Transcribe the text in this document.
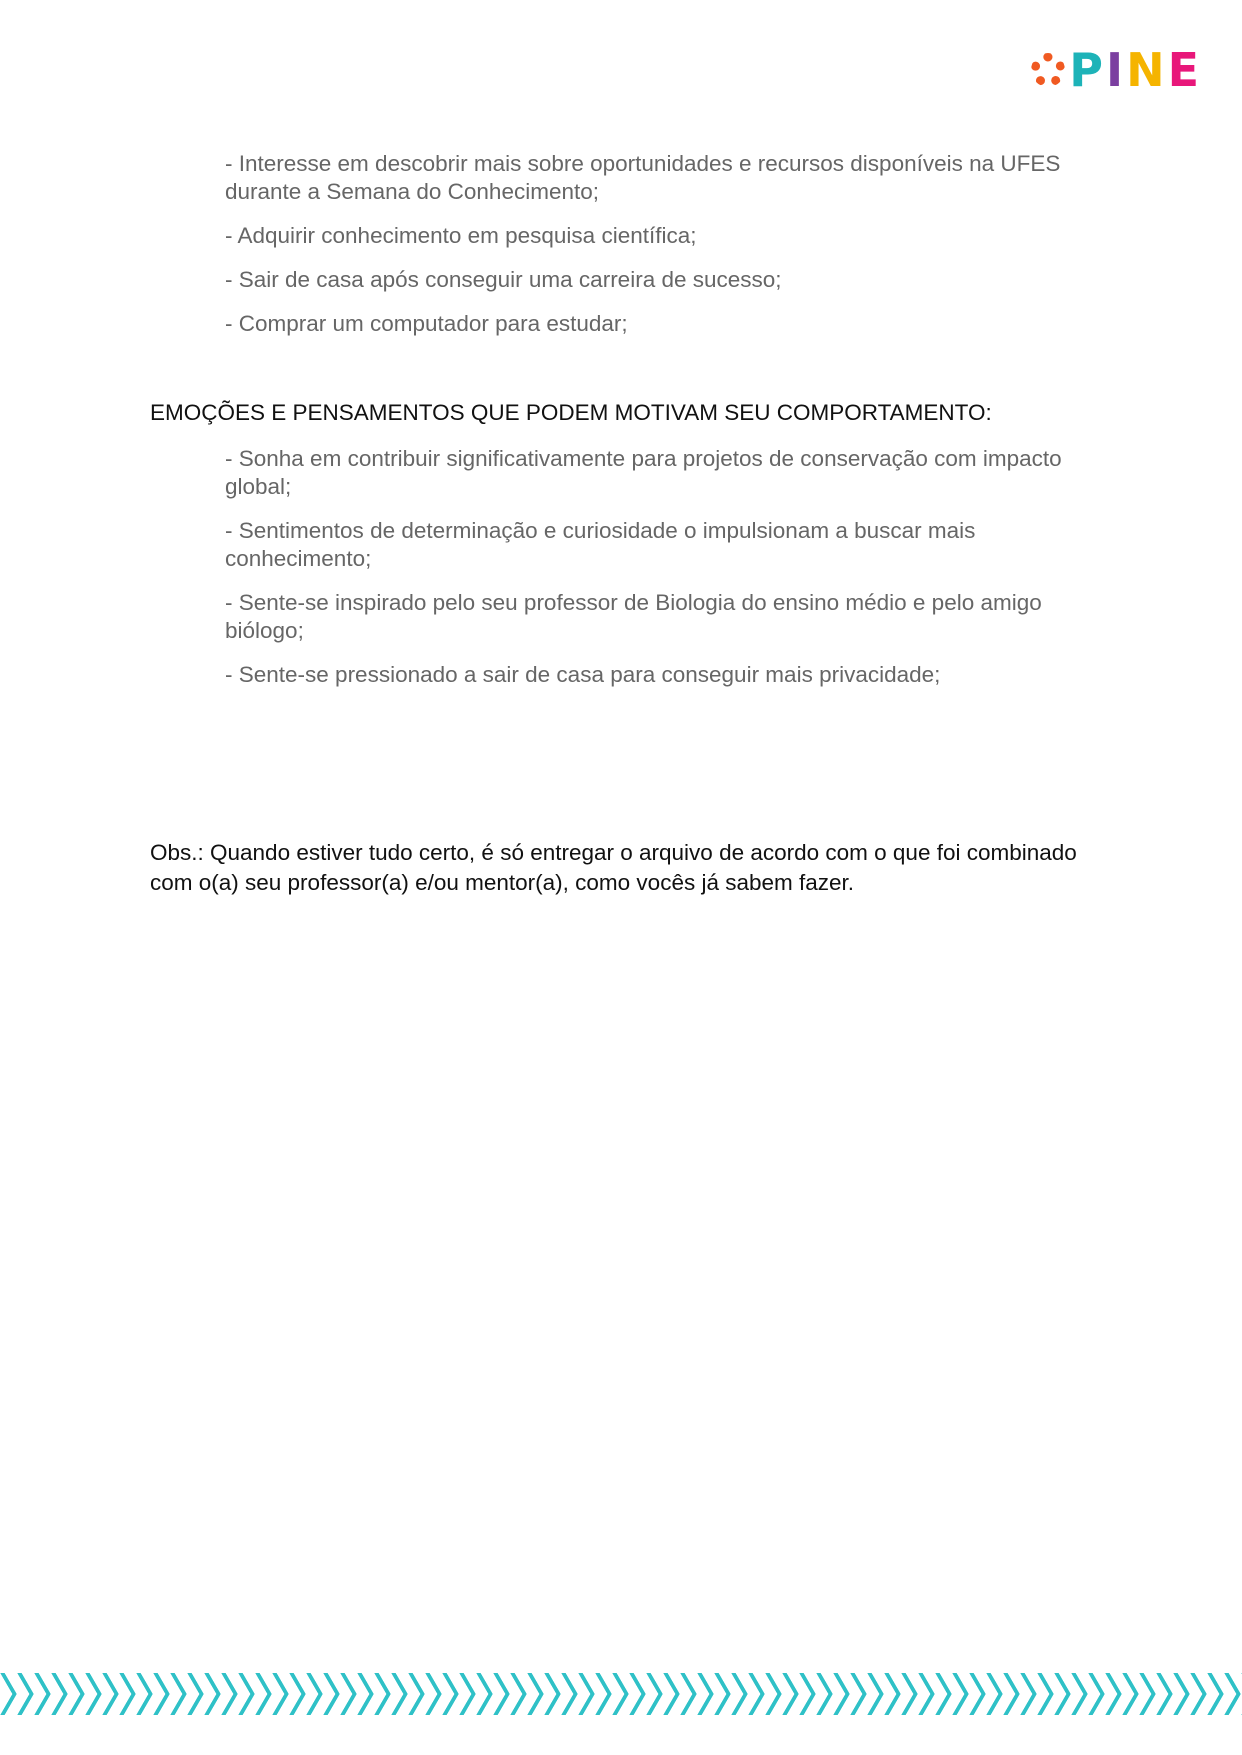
P I N E
- Interesse em descobrir mais sobre oportunidades e recursos disponíveis na UFES durante a Semana do Conhecimento;
- Adquirir conhecimento em pesquisa científica;
- Sair de casa após conseguir uma carreira de sucesso;
- Comprar um computador para estudar;
EMOÇÕES E PENSAMENTOS QUE PODEM MOTIVAM SEU COMPORTAMENTO:
- Sonha em contribuir significativamente para projetos de conservação com impacto global;
- Sentimentos de determinação e curiosidade o impulsionam a buscar mais conhecimento;
- Sente-se inspirado pelo seu professor de Biologia do ensino médio e pelo amigo biólogo;
- Sente-se pressionado a sair de casa para conseguir mais privacidade;

Obs.: Quando estiver tudo certo, é só entregar o arquivo de acordo com o que foi combinado com o(a) seu professor(a) e/ou mentor(a), como vocês já sabem fazer.
